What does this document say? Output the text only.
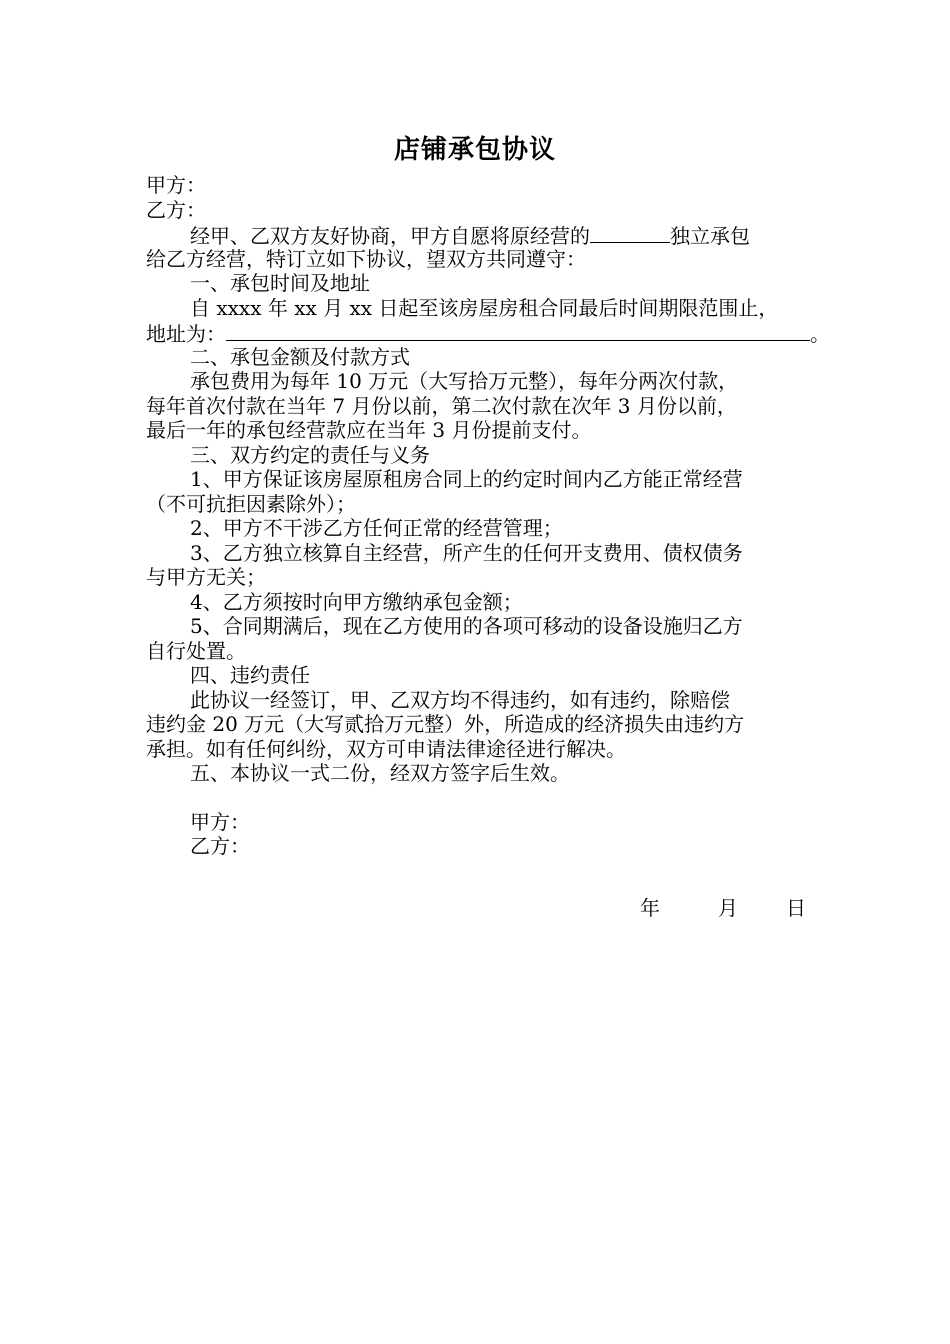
店铺承包协议
甲方：
乙方：
经甲、乙双方友好协商，甲方自愿将原经营的	独立承包
给乙方经营，特订立如下协议，望双方共同遵守：
一、承包时间及地址
自 xxxx 年 xx 月 xx 日起至该房屋房租合同最后时间期限范围止，
地址为：	。
二、承包金额及付款方式
承包费用为每年 10 万元（大写拾万元整），每年分两次付款，
每年首次付款在当年 7 月份以前，第二次付款在次年 3 月份以前，
最后一年的承包经营款应在当年 3 月份提前支付。
三、双方约定的责任与义务
1、甲方保证该房屋原租房合同上的约定时间内乙方能正常经营
（不可抗拒因素除外）；
2、甲方不干涉乙方任何正常的经营管理；
3、乙方独立核算自主经营，所产生的任何开支费用、债权债务
与甲方无关；
4、乙方须按时向甲方缴纳承包金额；
5、合同期满后，现在乙方使用的各项可移动的设备设施归乙方
自行处置。
四、违约责任
此协议一经签订，甲、乙双方均不得违约，如有违约，除赔偿
违约金 20 万元（大写贰拾万元整）外，所造成的经济损失由违约方
承担。如有任何纠纷，双方可申请法律途径进行解决。
五、本协议一式二份，经双方签字后生效。
甲方：
乙方：
年	月 日
